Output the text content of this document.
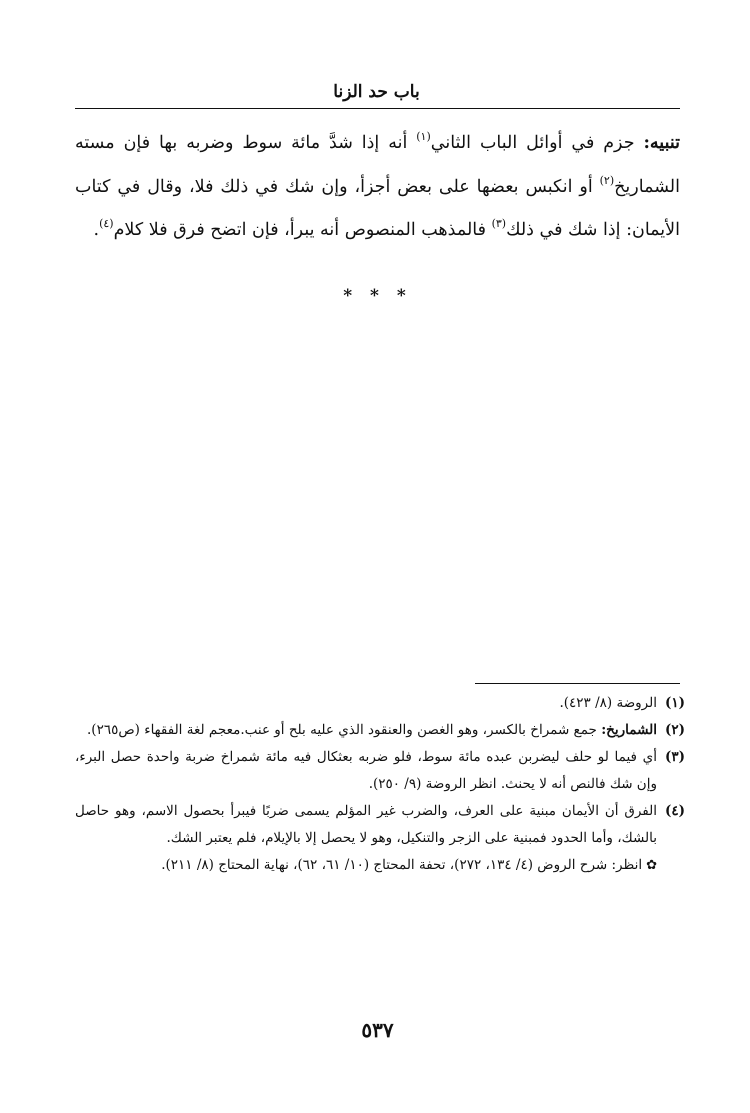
باب حد الزنا
تنبيه: جزم في أوائل الباب الثاني$^{(١)}$ أنه إذا شدَّ مائة سوط وضربه بها فإن مسته الشماريخ$^{(٢)}$ أو انكبس بعضها على بعض أجزأ، وإن شك في ذلك فلا، وقال في كتاب الأيمان: إذا شك في ذلك$^{(٣)}$ فالمذهب المنصوص أنه يبرأ، فإن اتضح فرق فلا كلام$^{(٤)}$.
* * *
(١)
الروضة (٨/ ٤٢٣).
(٢)
الشماريخ: جمع شمراخ بالكسر، وهو الغصن والعنقود الذي عليه بلح أو عنب.معجم لغة الفقهاء (ص٢٦٥).
(٣)
أي فيما لو حلف ليضربن عبده مائة سوط، فلو ضربه بعثكال فيه مائة شمراخ ضربة واحدة حصل البرء، وإن شك فالنص أنه لا يحنث. انظر الروضة (٩/ ٢٥٠).
(٤)
الفرق أن الأيمان مبنية على العرف، والضرب غير المؤلم يسمى ضربًا فيبرأ بحصول الاسم، وهو حاصل بالشك، وأما الحدود فمبنية على الزجر والتنكيل، وهو لا يحصل إلا بالإيلام، فلم يعتبر الشك.
✿انظر: شرح الروض (٤/ ١٣٤، ٢٧٢)، تحفة المحتاج (١٠/ ٦١، ٦٢)، نهاية المحتاج (٨/ ٢١١).
٥٣٧
